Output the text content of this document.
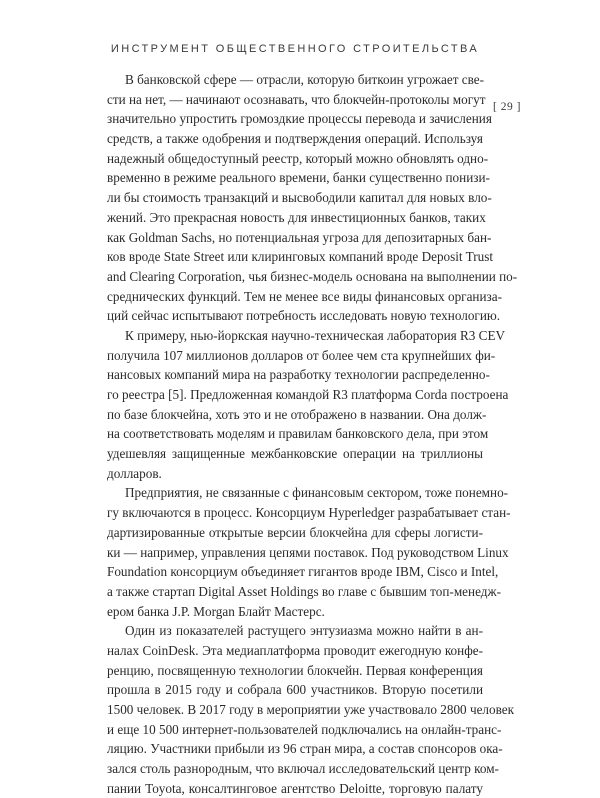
ИНСТРУМЕНТ ОБЩЕСТВЕННОГО СТРОИТЕЛЬСТВА
[ 29 ]
В банковской сфере — отрасли, которую биткоин угрожает све-
сти на нет, — начинают осознавать, что блокчейн-протоколы могут
значительно упростить громоздкие процессы перевода и зачисления
средств, а также одобрения и подтверждения операций. Используя
надежный общедоступный реестр, который можно обновлять одно-
временно в режиме реального времени, банки существенно понизи-
ли бы стоимость транзакций и высвободили капитал для новых вло-
жений. Это прекрасная новость для инвестиционных банков, таких
как Goldman Sachs, но потенциальная угроза для депозитарных бан-
ков вроде State Street или клиринговых компаний вроде Deposit Trust
and Clearing Corporation, чья бизнес-модель основана на выполнении по-
среднических функций. Тем не менее все виды финансовых организа-
ций сейчас испытывают потребность исследовать новую технологию.
К примеру, нью-йоркская научно-техническая лаборатория R3 CEV
получила 107 миллионов долларов от более чем ста крупнейших фи-
нансовых компаний мира на разработку технологии распределенно-
го реестра [5]. Предложенная командой R3 платформа Corda построена
по базе блокчейна, хоть это и не отображено в названии. Она долж-
на соответствовать моделям и правилам банковского дела, при этом
удешевляя защищенные межбанковские операции на триллионы
долларов.
Предприятия, не связанные с финансовым сектором, тоже понемно-
гу включаются в процесс. Консорциум Hyperledger разрабатывает стан-
дартизированные открытые версии блокчейна для сферы логисти-
ки — например, управления цепями поставок. Под руководством Linux
Foundation консорциум объединяет гигантов вроде IBM, Cisco и Intel,
а также стартап Digital Asset Holdings во главе с бывшим топ-менедж-
ером банка J.P. Morgan Блайт Мастерс.
Один из показателей растущего энтузиазма можно найти в ан-
налах CoinDesk. Эта медиаплатформа проводит ежегодную конфе-
ренцию, посвященную технологии блокчейн. Первая конференция
прошла в 2015 году и собрала 600 участников. Вторую посетили
1500 человек. В 2017 году в мероприятии уже участвовало 2800 человек
и еще 10 500 интернет-пользователей подключались на онлайн-транс-
ляцию. Участники прибыли из 96 стран мира, а состав спонсоров ока-
зался столь разнородным, что включал исследовательский центр ком-
пании Toyota, консалтинговое агентство Deloitte, торговую палату
